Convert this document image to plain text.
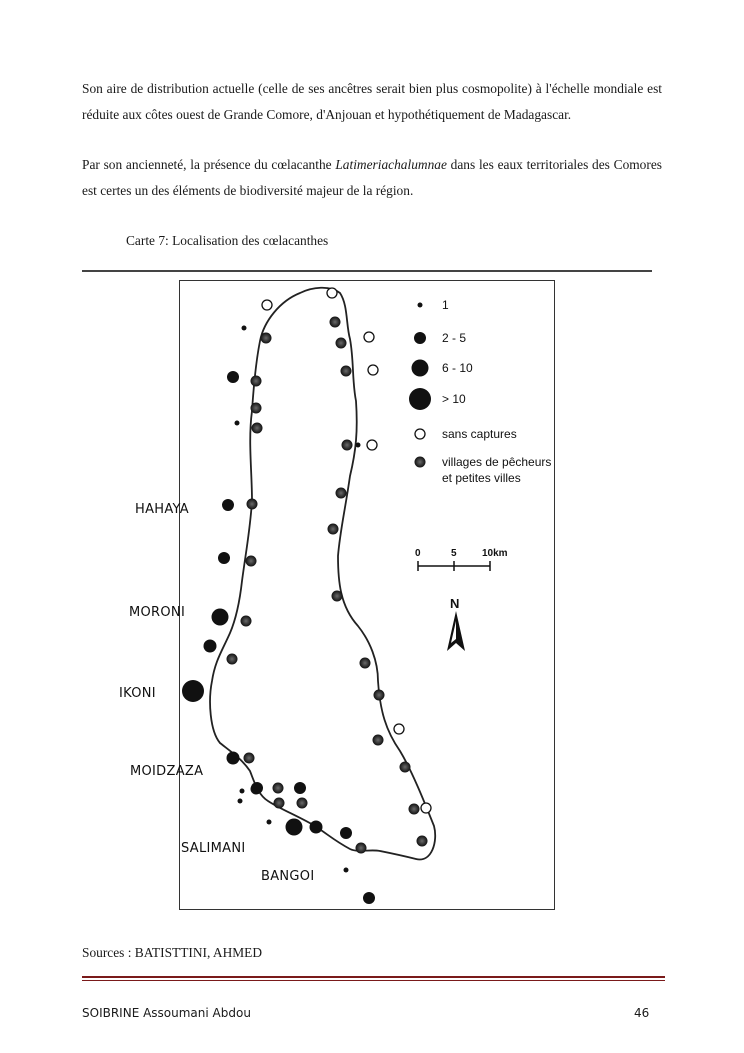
Son aire de distribution actuelle (celle de ses ancêtres serait bien plus cosmopolite) à l'échelle mondiale est réduite aux côtes ouest de Grande Comore, d'Anjouan et hypothétiquement de Madagascar.

Par son ancienneté, la présence du cœlacanthe Latimeriachalumnae dans les eaux territoriales des Comores est certes un des éléments de biodiversité majeur de la région.

Carte 7: Localisation des cœlacanthes
1
2 - 5
6 - 10
> 10
sans captures
villages de pêcheurs
et petites villes
0	5	10km
N
HAHAYA
MORONI
IKONI
MOIDZAZA
SALIMANI
BANGOI
Sources : BATISTTINI, AHMED
SOIBRINE Assoumani Abdou	46
